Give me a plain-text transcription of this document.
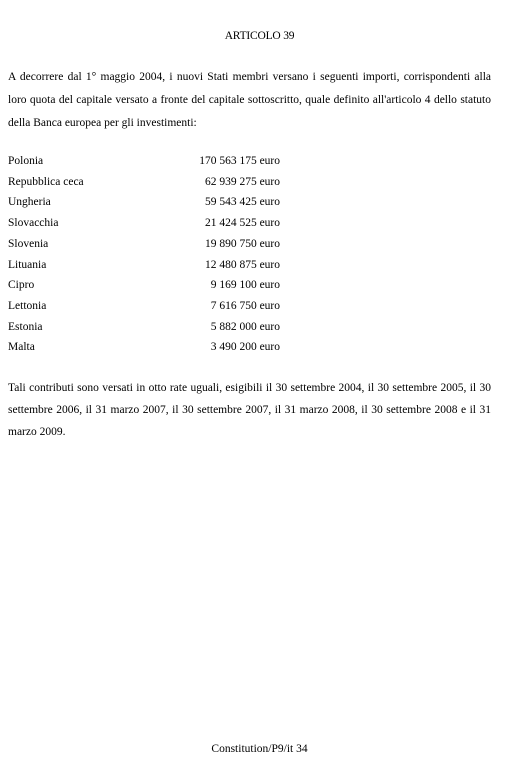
ARTICOLO 39

A decorrere dal 1° maggio 2004, i nuovi Stati membri versano i seguenti importi, corrispondenti alla loro quota del capitale versato a fronte del capitale sottoscritto, quale definito all'articolo 4 dello statuto della Banca europea per gli investimenti:

Polonia	170 563 175 euro
Repubblica ceca	62 939 275 euro
Ungheria	59 543 425 euro
Slovacchia	21 424 525 euro
Slovenia	19 890 750 euro
Lituania	12 480 875 euro
Cipro	9 169 100 euro
Lettonia	7 616 750 euro
Estonia	5 882 000 euro
Malta	3 490 200 euro

Tali contributi sono versati in otto rate uguali, esigibili il 30 settembre 2004, il 30 settembre 2005, il 30 settembre 2006, il 31 marzo 2007, il 30 settembre 2007, il 31 marzo 2008, il 30 settembre 2008 e il 31 marzo 2009.

Constitution/P9/it 34
